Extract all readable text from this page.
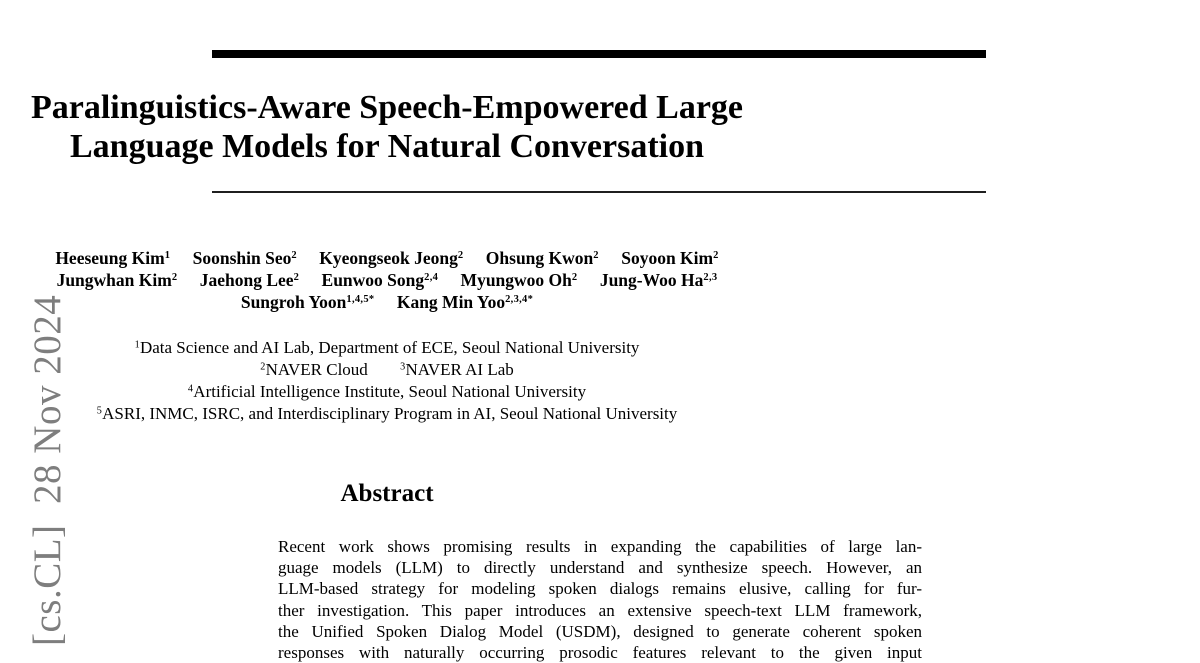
[cs.CL]  28 Nov 2024
Paralinguistics-Aware Speech-Empowered Large
Language Models for Natural Conversation
Heeseung Kim$^1$ Soonshin Seo$^2$ Kyeongseok Jeong$^2$ Ohsung Kwon$^2$ Soyoon Kim$^2$
Jungwhan Kim$^2$ Jaehong Lee$^2$ Eunwoo Song$^{2,4}$ Myungwoo Oh$^2$ Jung-Woo Ha$^{2,3}$
Sungroh Yoon$^{1,4,5*}$ Kang Min Yoo$^{2,3,4*}$
$^1$Data Science and AI Lab, Department of ECE, Seoul National University
$^2$NAVER Cloud	$^3$NAVER AI Lab
$^4$Artificial Intelligence Institute, Seoul National University
$^5$ASRI, INMC, ISRC, and Interdisciplinary Program in AI, Seoul National University
Abstract
Recent work shows promising results in expanding the capabilities of large lan-
guage models (LLM) to directly understand and synthesize speech. However, an
LLM-based strategy for modeling spoken dialogs remains elusive, calling for fur-
ther investigation. This paper introduces an extensive speech-text LLM framework,
the Unified Spoken Dialog Model (USDM), designed to generate coherent spoken
responses with naturally occurring prosodic features relevant to the given input
